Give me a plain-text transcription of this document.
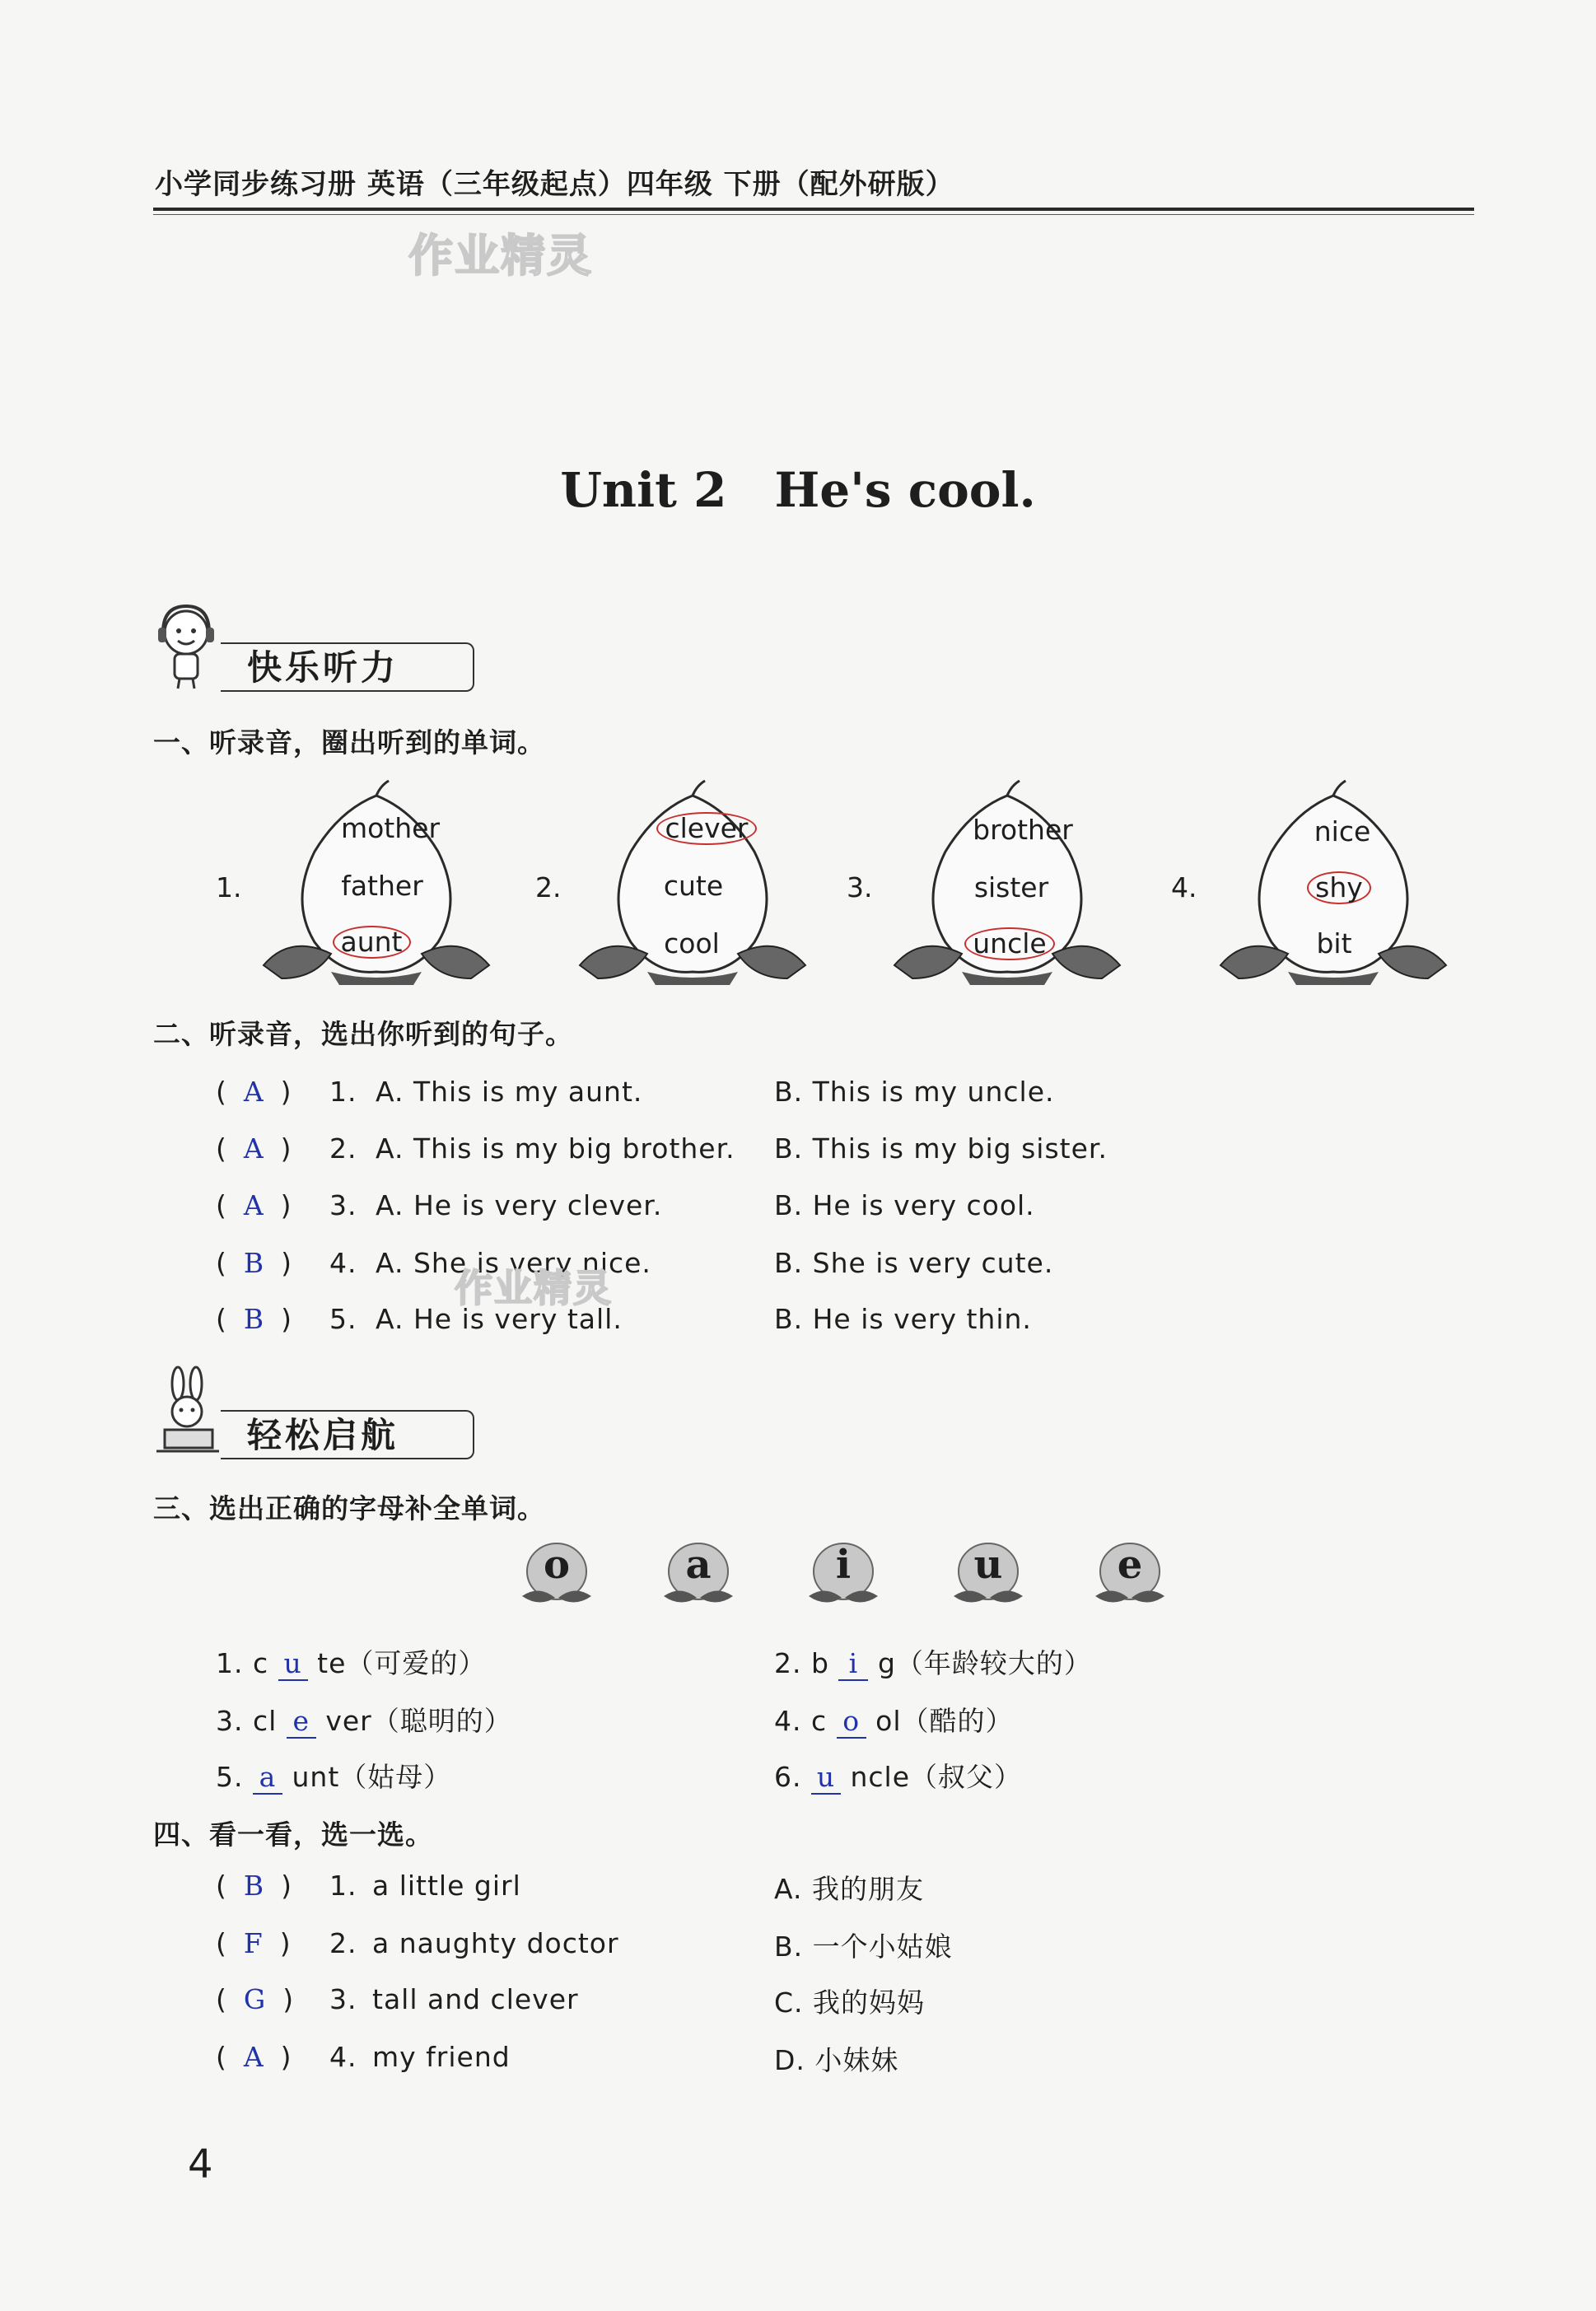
小学同步练习册 英语（三年级起点）四年级 下册（配外研版）
作业精灵
Unit 2　He's cool.
快乐听力
一、听录音，圈出听到的单词。
1.
mother
father
aunt
2.
clever
cute
cool
3.
brother
sister
uncle
4.
nice
shy
bit
二、听录音，选出你听到的句子。
(  A  ) 1. A. This is my aunt.	B. This is my uncle.
(  A  ) 2. A. This is my big brother. B. This is my big sister.
(  A  ) 3. A. He is very clever.	B. He is very cool.
(  B  ) 4. A. She is very nice.	B. She is very cute.
作业精灵
(  B  ) 5. A. He is very tall.	B. He is very thin.
轻松启航
三、选出正确的字母补全单词。
o	a	i	u	e
1. c u te（可爱的）	2. b i g（年龄较大的）
3. cl e ver（聪明的）	4. c o ol（酷的）
5. a unt（姑母）	6. u ncle（叔父）
四、看一看，选一选。
(  B  ) 1. a little girl	A. 我的朋友
(  F  ) 2. a naughty doctor	B. 一个小姑娘
(  G  ) 3. tall and clever	C. 我的妈妈
(  A  ) 4. my friend	D. 小妹妹
4
